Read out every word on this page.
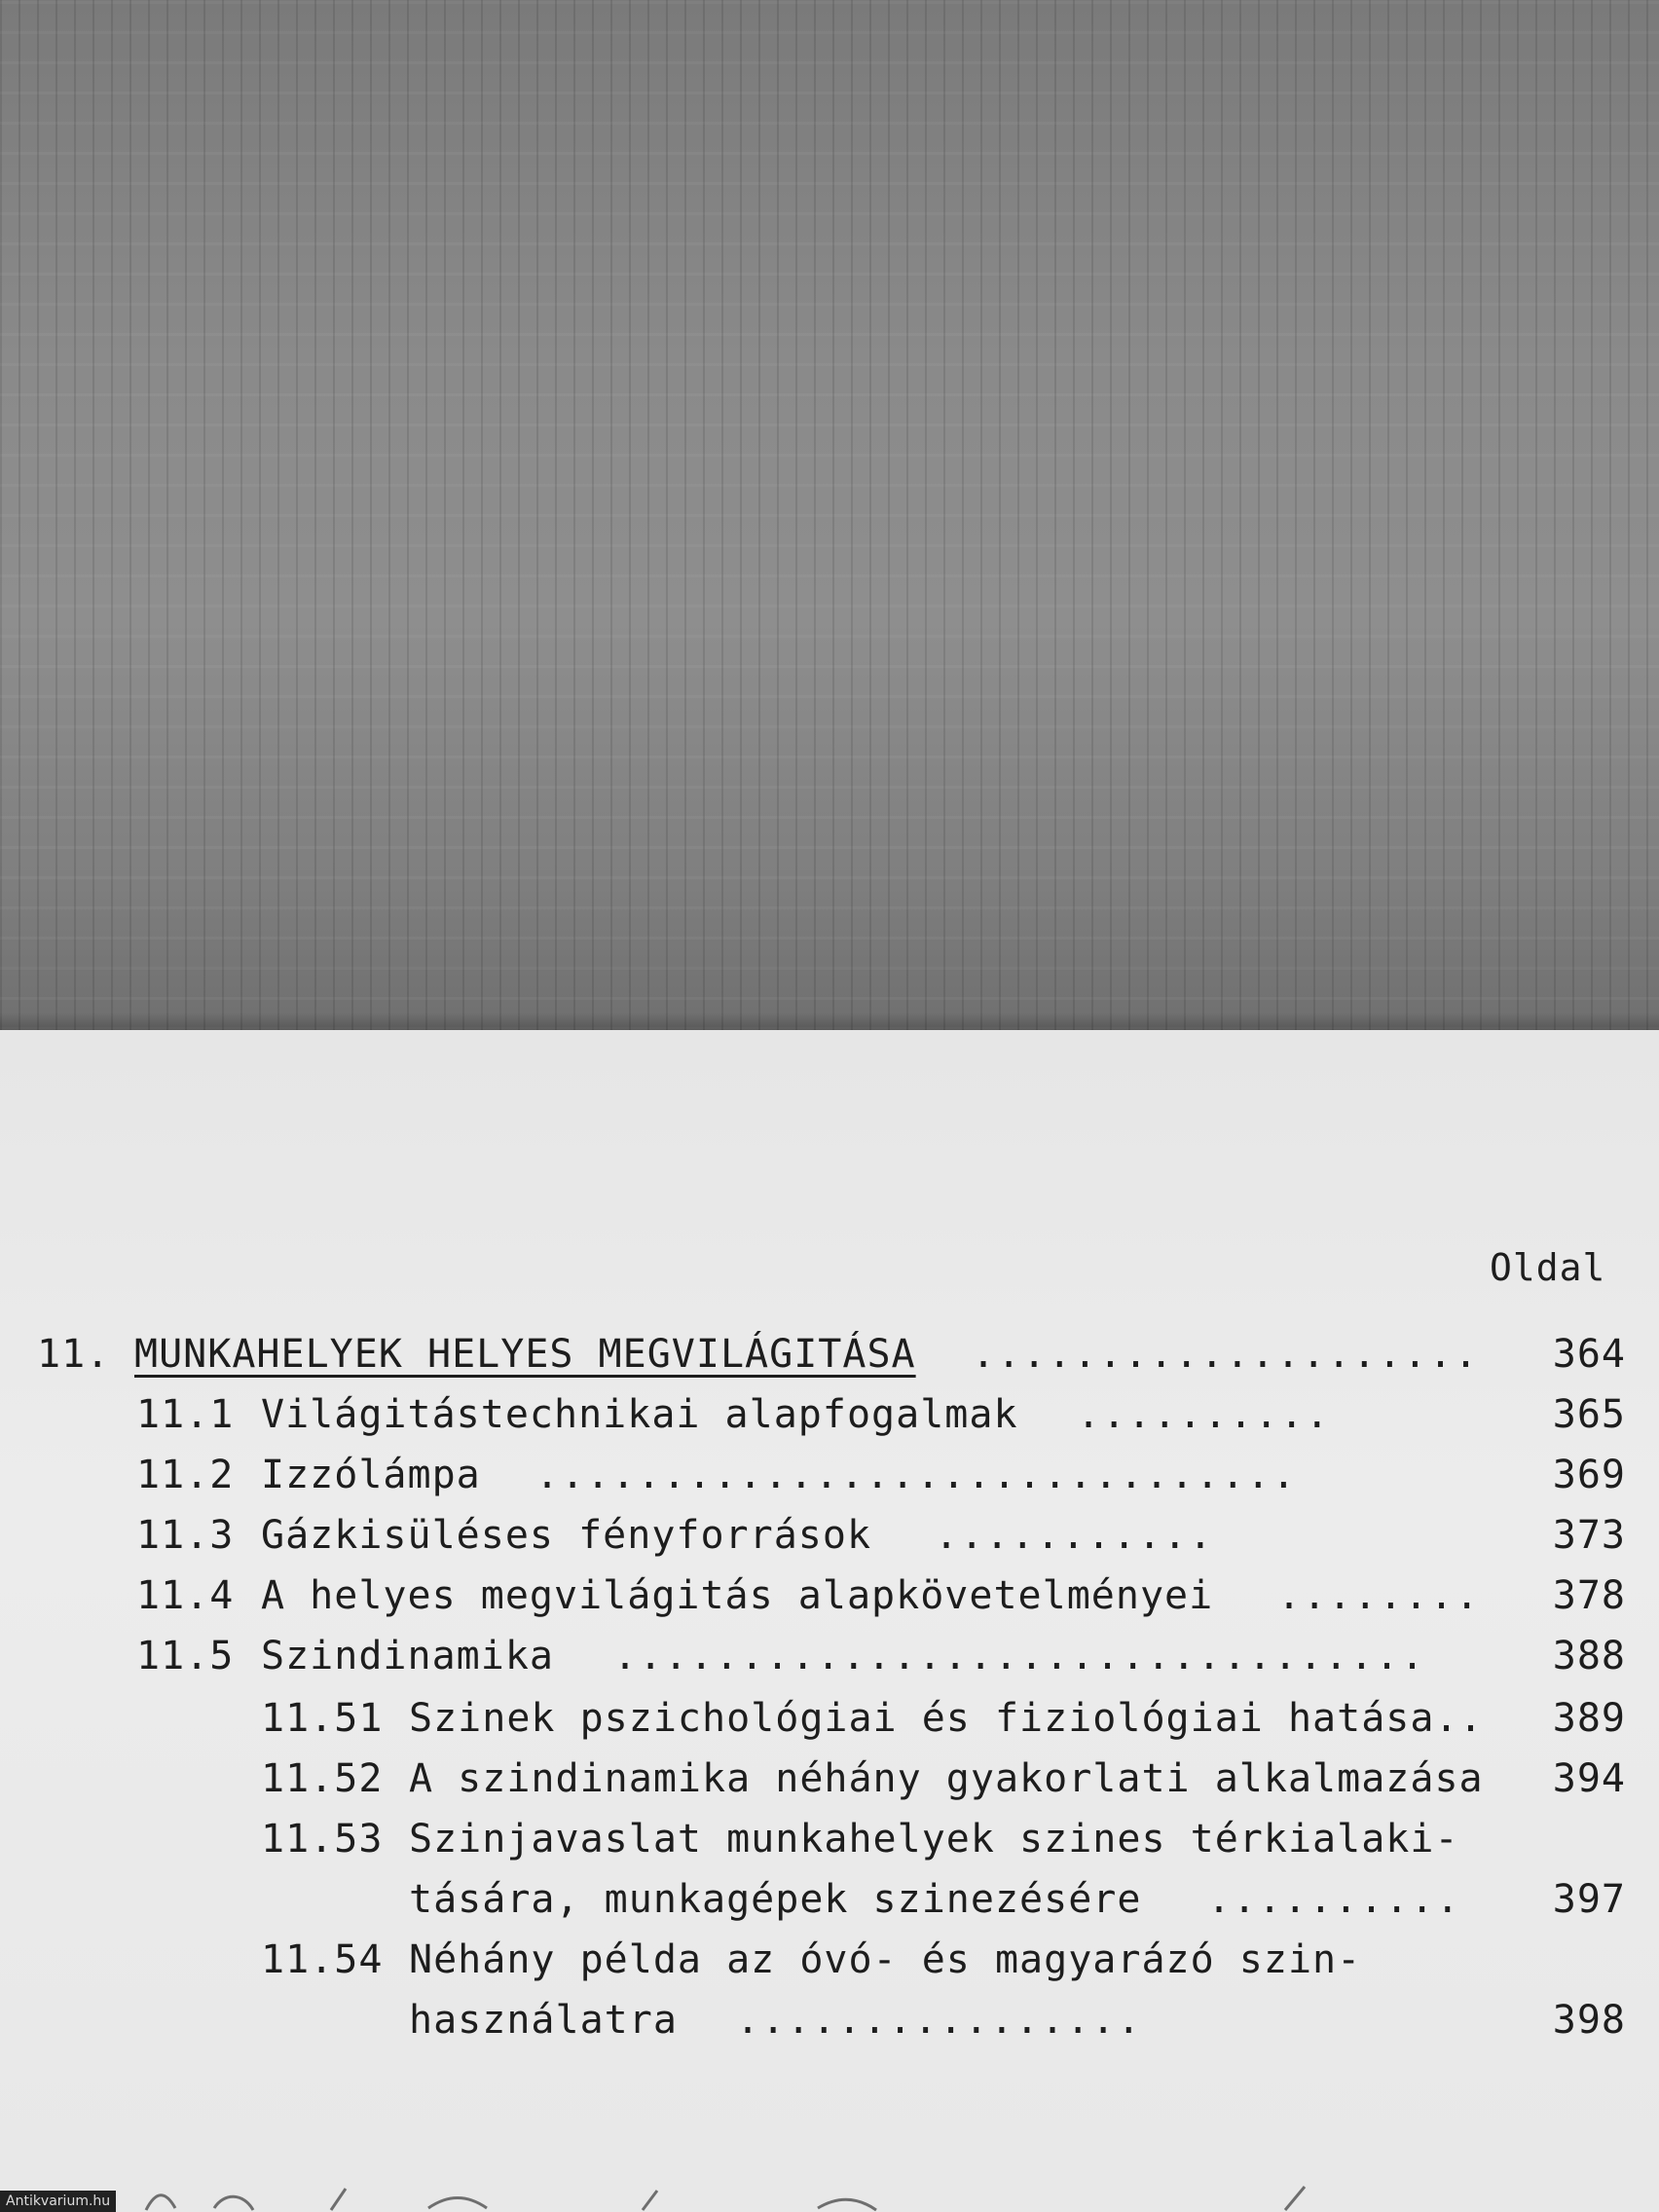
Oldal
11. MUNKAHELYEK HELYES MEGVILÁGITÁSA ....................	364
11.1 Világitástechnikai alapfogalmak ..........	365
11.2 Izzólámpa ..............................	369
11.3 Gázkisüléses fényforrások ...........	373
11.4 A helyes megvilágitás alapkövetelményei ........	378
11.5 Szindinamika ................................	388
11.51 Szinek pszichológiai és fiziológiai hatása.. 389
11.52 A szindinamika néhány gyakorlati alkalmazása 394
11.53 Szinjavaslat munkahelyek szines térkialaki-
tására, munkagépek szinezésére ..........	397
11.54 Néhány példa az óvó- és magyarázó szin-
használatra ................	398
Antikvarium.hu
